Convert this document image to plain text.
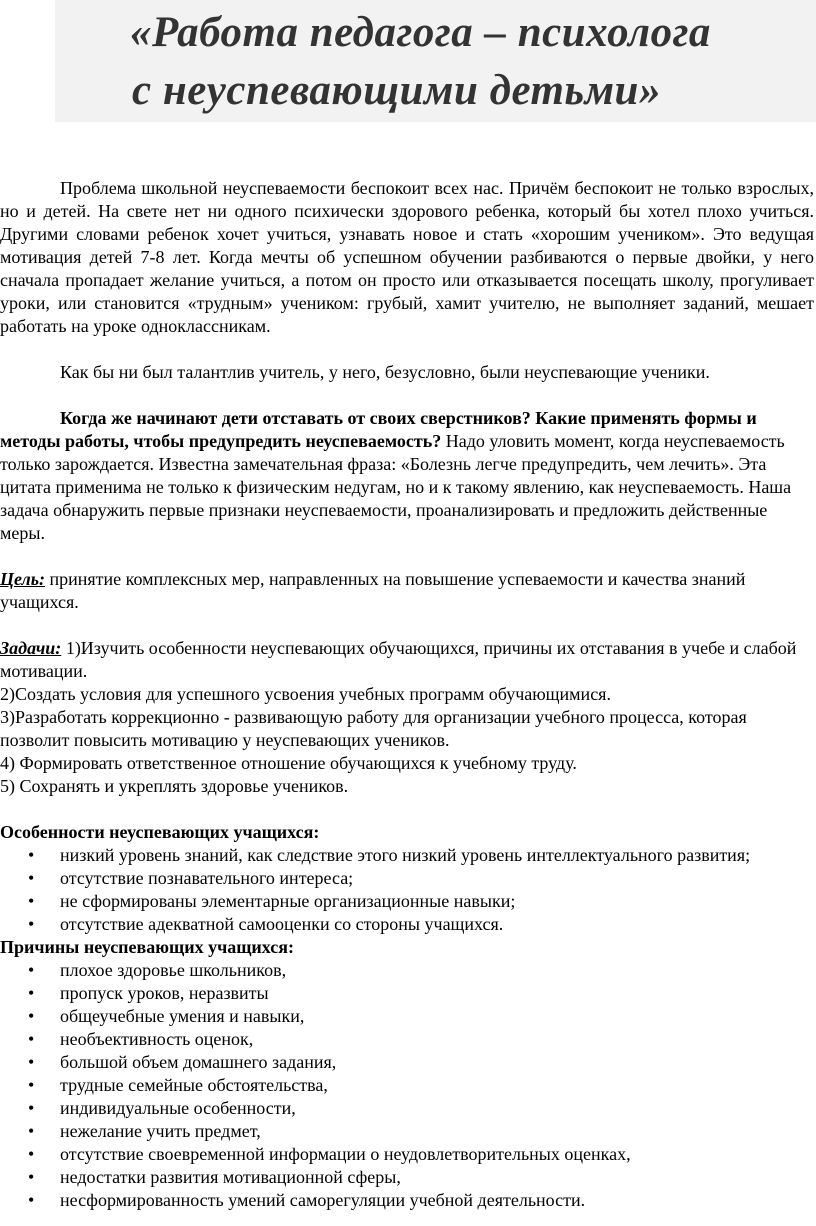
«Работа педагога – психолога
с неуспевающими детьми»

Проблема школьной неуспеваемости беспокоит всех нас. Причём беспокоит не только взрослых, но и детей. На свете нет ни одного психически здорового ребенка, который бы хотел плохо учиться. Другими словами ребенок хочет учиться, узнавать новое и стать «хорошим учеником». Это ведущая мотивация детей 7-8 лет. Когда мечты об успешном обучении разбиваются о первые двойки, у него сначала пропадает желание учиться, а потом он просто или отказывается посещать школу, прогуливает уроки, или становится «трудным» учеником: грубый, хамит учителю, не выполняет заданий, мешает работать на уроке одноклассникам.

Как бы ни был талантлив учитель, у него, безусловно, были неуспевающие ученики.

Когда же начинают дети отставать от своих сверстников? Какие применять формы и методы работы, чтобы предупредить неуспеваемость? Надо уловить момент, когда неуспеваемость только зарождается. Известна замечательная фраза: «Болезнь легче предупредить, чем лечить». Эта цитата применима не только к физическим недугам, но и к такому явлению, как неуспеваемость. Наша задача обнаружить первые признаки неуспеваемости, проанализировать и предложить действенные меры.

Цель: принятие комплексных мер, направленных на повышение успеваемости и качества знаний учащихся.

Задачи: 1)Изучить особенности неуспевающих обучающихся, причины их отставания в учебе и слабой мотивации.

2)Создать условия для успешного усвоения учебных программ обучающимися.

3)Разработать коррекционно - развивающую работу для организации учебного процесса, которая позволит повысить мотивацию у неуспевающих учеников.

4) Формировать ответственное отношение обучающихся к учебному труду.

5) Сохранять и укреплять здоровье учеников.

Особенности неуспевающих учащихся:

• низкий уровень знаний, как следствие этого низкий уровень интеллектуального развития;
• отсутствие познавательного интереса;
• не сформированы элементарные организационные навыки;
• отсутствие адекватной самооценки со стороны учащихся.

Причины неуспевающих учащихся:

• плохое здоровье школьников,
• пропуск уроков, неразвиты
• общеучебные умения и навыки,
• необъективность оценок,
• большой объем домашнего задания,
• трудные семейные обстоятельства,
• индивидуальные особенности,
• нежелание учить предмет,
• отсутствие своевременной информации о неудовлетворительных оценках,
• недостатки развития мотивационной сферы,
• несформированность умений саморегуляции учебной деятельности.
